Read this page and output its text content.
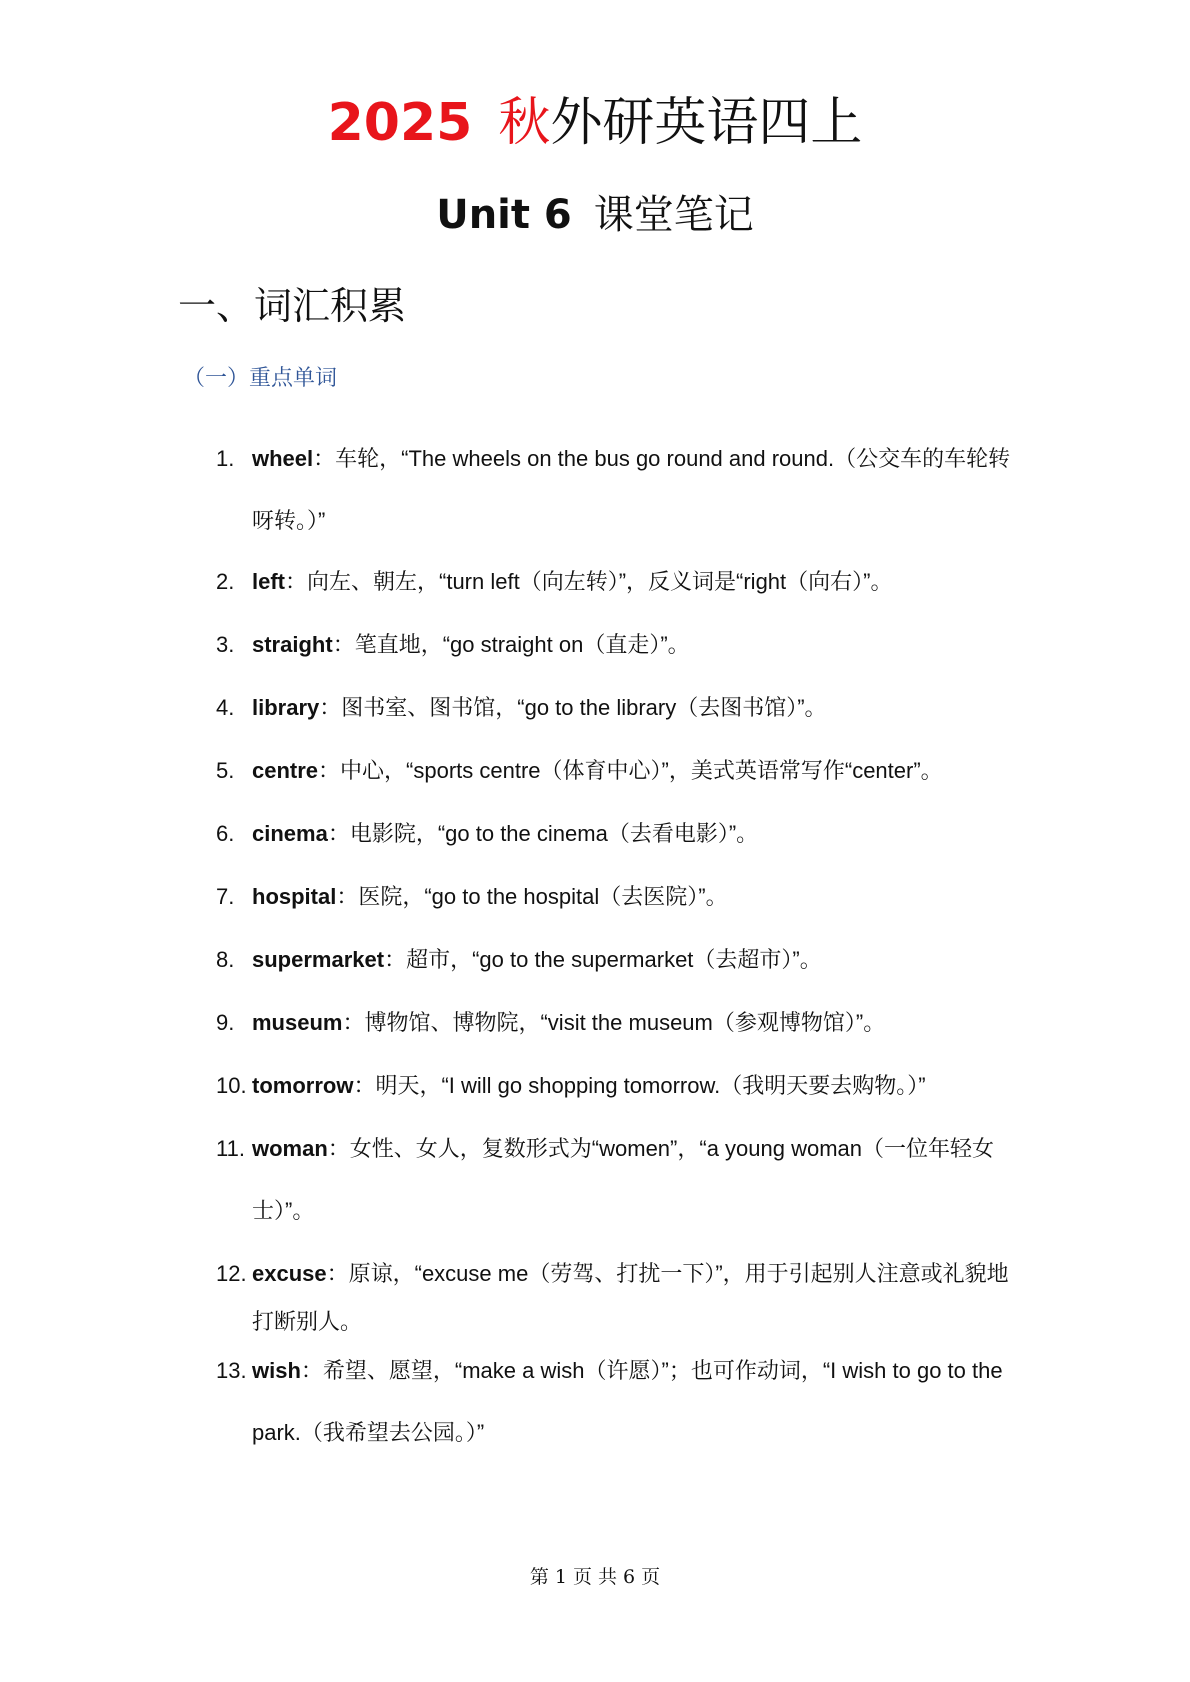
2025 秋外研英语四上
Unit 6 课堂笔记
一、词汇积累
（一）重点单词
1. wheel：车轮，“The wheels on the bus go round and round.（公交车的车轮转呀转。）”
2. left：向左、朝左，“turn left（向左转）”，反义词是“right（向右）”。
3. straight：笔直地，“go straight on（直走）”。
4. library：图书室、图书馆，“go to the library（去图书馆）”。
5. centre：中心，“sports centre（体育中心）”，美式英语常写作“center”。
6. cinema：电影院，“go to the cinema（去看电影）”。
7. hospital：医院，“go to the hospital（去医院）”。
8. supermarket：超市，“go to the supermarket（去超市）”。
9. museum：博物馆、博物院，“visit the museum（参观博物馆）”。
10. tomorrow：明天，“I will go shopping tomorrow.（我明天要去购物。）”
11. woman：女性、女人，复数形式为“women”，“a young woman（一位年轻女士）”。
12. excuse：原谅，“excuse me（劳驾、打扰一下）”，用于引起别人注意或礼貌地打断别人。
13. wish：希望、愿望，“make a wish（许愿）”；也可作动词，“I wish to go to the park.（我希望去公园。）”
第 1 页 共 6 页
